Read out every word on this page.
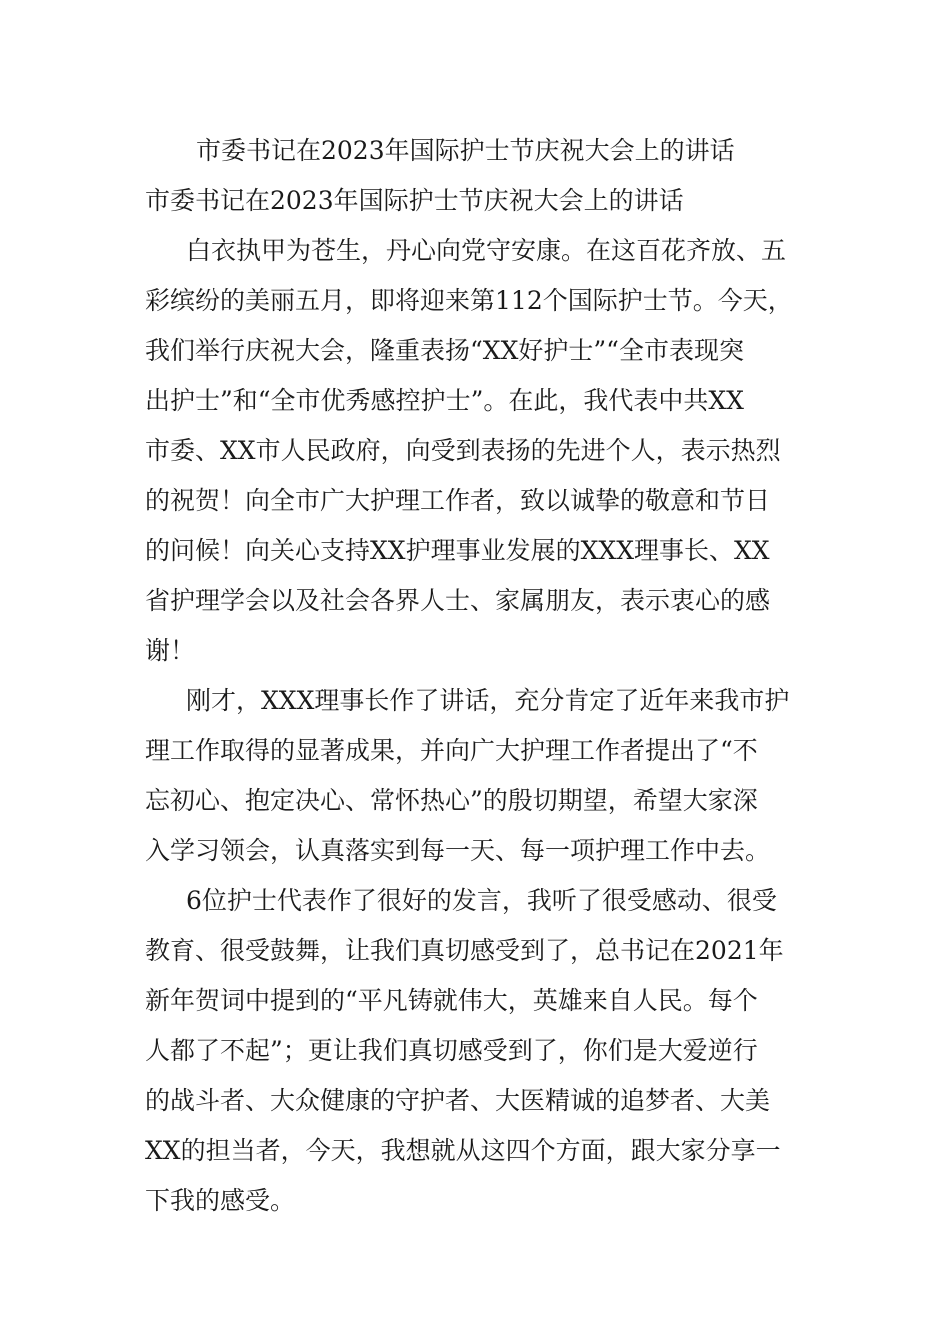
市委书记在2023年国际护士节庆祝大会上的讲话
市委书记在2023年国际护士节庆祝大会上的讲话
白衣执甲为苍生，丹心向党守安康。在这百花齐放、五
彩缤纷的美丽五月，即将迎来第112个国际护士节。今天，
我们举行庆祝大会，隆重表扬“XX好护士”“全市表现突
出护士”和“全市优秀感控护士”。在此，我代表中共XX
市委、XX市人民政府，向受到表扬的先进个人，表示热烈
的祝贺！向全市广大护理工作者，致以诚挚的敬意和节日
的问候！向关心支持XX护理事业发展的XXX理事长、XX
省护理学会以及社会各界人士、家属朋友，表示衷心的感
谢！
刚才，XXX理事长作了讲话，充分肯定了近年来我市护
理工作取得的显著成果，并向广大护理工作者提出了“不
忘初心、抱定决心、常怀热心”的殷切期望，希望大家深
入学习领会，认真落实到每一天、每一项护理工作中去。
6位护士代表作了很好的发言，我听了很受感动、很受
教育、很受鼓舞，让我们真切感受到了，总书记在2021年
新年贺词中提到的“平凡铸就伟大，英雄来自人民。每个
人都了不起”；更让我们真切感受到了，你们是大爱逆行
的战斗者、大众健康的守护者、大医精诚的追梦者、大美
XX的担当者，今天，我想就从这四个方面，跟大家分享一
下我的感受。
